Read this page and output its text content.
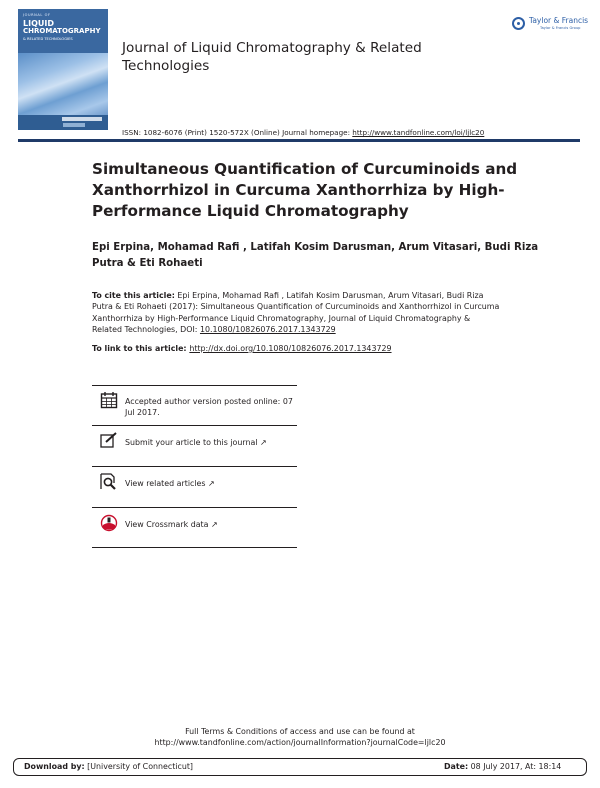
JOURNAL OF
LIQUID
CHROMATOGRAPHY
& RELATED TECHNOLOGIES
Journal of Liquid Chromatography & Related Technologies
Taylor & Francis
Taylor & Francis Group
ISSN: 1082-6076 (Print) 1520-572X (Online) Journal homepage: http://www.tandfonline.com/loi/ljlc20
Simultaneous Quantification of Curcuminoids and Xanthorrhizol in Curcuma Xanthorrhiza by High-Performance Liquid Chromatography
Epi Erpina, Mohamad Rafi , Latifah Kosim Darusman, Arum Vitasari, Budi Riza Putra & Eti Rohaeti
To cite this article: Epi Erpina, Mohamad Rafi , Latifah Kosim Darusman, Arum Vitasari, Budi Riza Putra & Eti Rohaeti (2017): Simultaneous Quantification of Curcuminoids and Xanthorrhizol in Curcuma Xanthorrhiza by High-Performance Liquid Chromatography, Journal of Liquid Chromatography & Related Technologies, DOI: 10.1080/10826076.2017.1343729
To link to this article: http://dx.doi.org/10.1080/10826076.2017.1343729
Accepted author version posted online: 07 Jul 2017.
Submit your article to this journal ↗
View related articles ↗
View Crossmark data ↗
Full Terms & Conditions of access and use can be found at
http://www.tandfonline.com/action/journalInformation?journalCode=ljlc20
Download by: [University of Connecticut]	Date: 08 July 2017, At: 18:14
